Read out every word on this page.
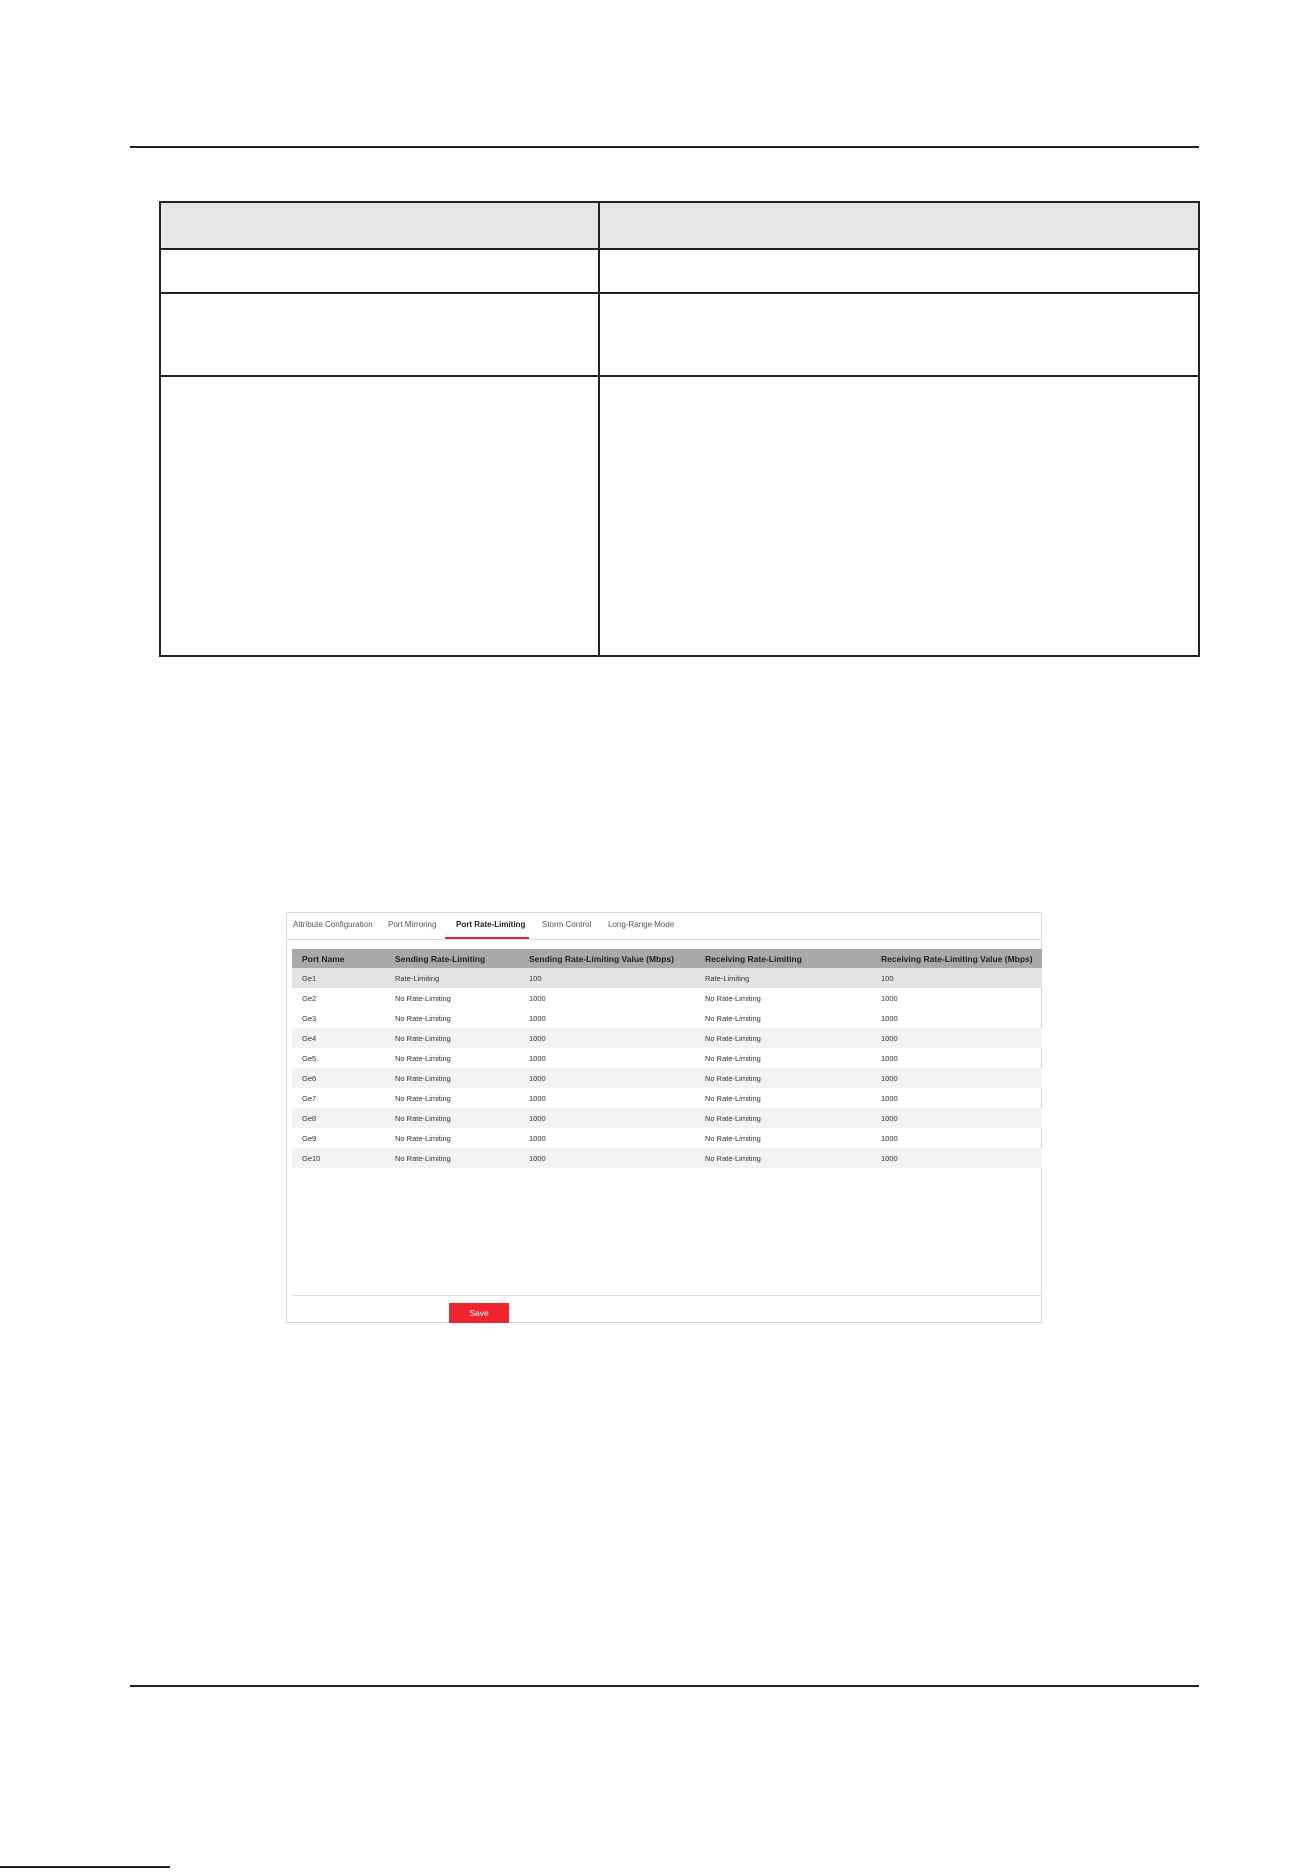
Attribute Configuration Port Mirroring Port Rate-Limiting Storm Control Long-Range Mode
Port Name	Sending Rate-Limiting	Sending Rate-Limiting Value (Mbps)	Receiving Rate-Limiting	Receiving Rate-Limiting Value (Mbps)
Ge1	Rate-Limiting	100	Rate-Limiting	100
Ge2	No Rate-Limiting	1000	No Rate-Limiting	1000
Ge3	No Rate-Limiting	1000	No Rate-Limiting	1000
Ge4	No Rate-Limiting	1000	No Rate-Limiting	1000
Ge5	No Rate-Limiting	1000	No Rate-Limiting	1000
Ge6	No Rate-Limiting	1000	No Rate-Limiting	1000
Ge7	No Rate-Limiting	1000	No Rate-Limiting	1000
Ge8	No Rate-Limiting	1000	No Rate-Limiting	1000
Ge9	No Rate-Limiting	1000	No Rate-Limiting	1000
Ge10	No Rate-Limiting	1000	No Rate-Limiting	1000
Save
